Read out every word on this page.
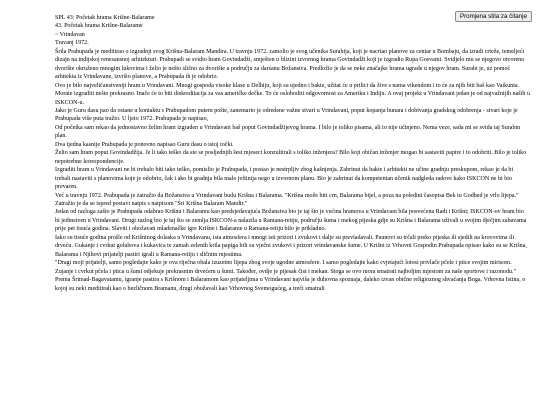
Promjena stila za čitanje

SPL 43: Početak hrama Krišne-Balarame

43. Početak hrama Krišne-Balarame

~ Vrindavan

Travanj 1972.

Šrila Prabupada je meditirao o izgradnji svog Krišna-Balaram Mandira. U travnju 1972. zamolio je svog učenika Surabija, koji je nacrtao planove za centar u Bombaju, da izradi crteže, temeljeći dizajn na indijskoj renesansnoj arhitekturi. Prabupadi se svidio hram Govindadži, smješten u blizini izvornog hrama Govindadži koji je izgradio Rupa Gosvami. Svidjelo mu se njegovo otvoreno dvorište okruženo mnogim lukovima i želio je nešto slično za dvorište u području za darśanu Božanstva. Predložio je da se neke značajke hrama ugrade u njegov hram. Surabi je, uz pomoć arhitekta iz Vrindavane, izvršio planove, a Prabupada ih je odobrio.

Ovo je bilo najveličanstveniji hram u Vrindavani. Mnogi gospoda visoke klase u Delhiju, koji su ujedno i bakte, užitat će u prilici da žive s nama vikendom i to će za njih biti baš kao Vaikunta. Morate izgraditi nešto prekrasno. Inače će to biti diskreditacija za vas američke dečke. To će osloboditi odgovornost za Ameriku i Indiju. A ovaj projekt u Vrindavani jedan je od najvažnijih našīh u ISKCON-u.

Jako je Guru dasu pao da ostane u kontaktu s Prabupadom putem pošte, zanemario je odredene važne stvari u Vrindavani, poput kopanja bunara i dobivanja gradskog odobrenja - stvari koje je Prabupada više puta tražio. U ljeto 1972. Prabupada je napisao,

Od početka sam rekao da jednostavno želim hram izgraden u Vrindavani baš poput Govindadžijevog hrama. I bilo je toliko pisama, ali to nije učinjeno. Nema veze, sada mi se svida taj Surabin plan.

Dva tjedna kasnije Prabupada je ponovno napisao Guru dasu o istoj točki.

Želio sam hram poput Govindadžija. Je li tako teško da ste se posljednjih šest mjeseci konzultirali s toliko inženjera? Bilo koji običan inženjer mogao bi sastaviti papire i to odobriti. Bilo je toliko nepotrebne korespondencije.

Izgraditi hram u Vrindavani ne bi trebalo biti tako teško, pomislio je Prabupada, i postao je nestrpljiv zbog kašnjenja. Zabrinut da bakte i arhitekti ne učine gradnju preskupom, rekao je da bi trebali nastaviti s planovima koje je odobrio, čak i ako bi gradnja bila malo jeftinija nego u izvornom planu. Bio je zabrinut da kompetentan učenik nadgleda radove kako ISKCON ne bi bio prevaren.

Već u travnju 1972. Prabupada je zatražio da Božanstva u Vrindavani budu Krišna i Balarama. "Krišna može biti crn, Balarama bijel, a poza na poledini časopisa Bek tu Godhed je vrlo lijepa." Zatražio je da se ispred postavi natpis s natpisom "Śri Krišna Balaram Mandir."

Jedan od razloga zašto je Prabupada odabrao Krišnu i Balaramu kao predsjedavajuća Božanstva bio je taj što je većina hramova u Vrindavani bila posvećena Radi i Krišni; ISKCON-ov hram bio bi jedinstven u Vrindavani. Drugi razlog bio je taj što se zemlja ISKCON-a nalazila u Ramana-retiju, području šuma i mekog pijeska gdje su Krišna i Balarama uživali u svojim dječjim zabavama prije pet tisuća godina. Slaviti i obožavati mladenačke igre Krišne i Balarame u Ramana-retiju bilo je prikladno.

Iako su tisuće godina prošle od Krišninog dolaska u Vrindavanu, ista atmosfera i mnogi isti prizori i zvukovi i dalje su prevladavali. Paunovi su trčali preko pijeska ili sjedili na krovovima ili drveću. Gukanje i cvrkut golubova i kukavica te zamah zelenih krila papiga bili su vječni zvukovi i prizori vrindavanske šume. U Krišni iz Vrhovni Gospodin Prabupada opisao kako su se Krišna, Balarama i Njihovi prijatelji pastiri igrali u Ramana-retiju i sličnim mjestima.

"Dragi moji prijatelji, samo pogledajte kako je ova riječna obala izuzetno lijepa zbog svoje ugodne atmosfere. I samo pogledajte kako cvjetajući lotosi privlače pčele i ptice svojim mirisom. Zujanje i cvrkut pčela i ptica u šumi odjekuje prekrasnim drvećem u šumi. Također, ovdje je pijesak čist i mekan. Stoga se ovo mora smatrati najboljim mjestom za naše sportove i razonodu."

Prema Šrimad-Bagavatamu, igranje pastira s Krišnom i Balaramom kao prijateljima u Vrindavani najviša je duhovna spoznaja, daleko izvan obične religioznog shvaćanja Boga. Vrhovna Istina, o kojoj su neki meditirali kao o bezličnom Bramanu, drugi obožavali kao Vrhovnog Svemogućeg, a treći smatrali
